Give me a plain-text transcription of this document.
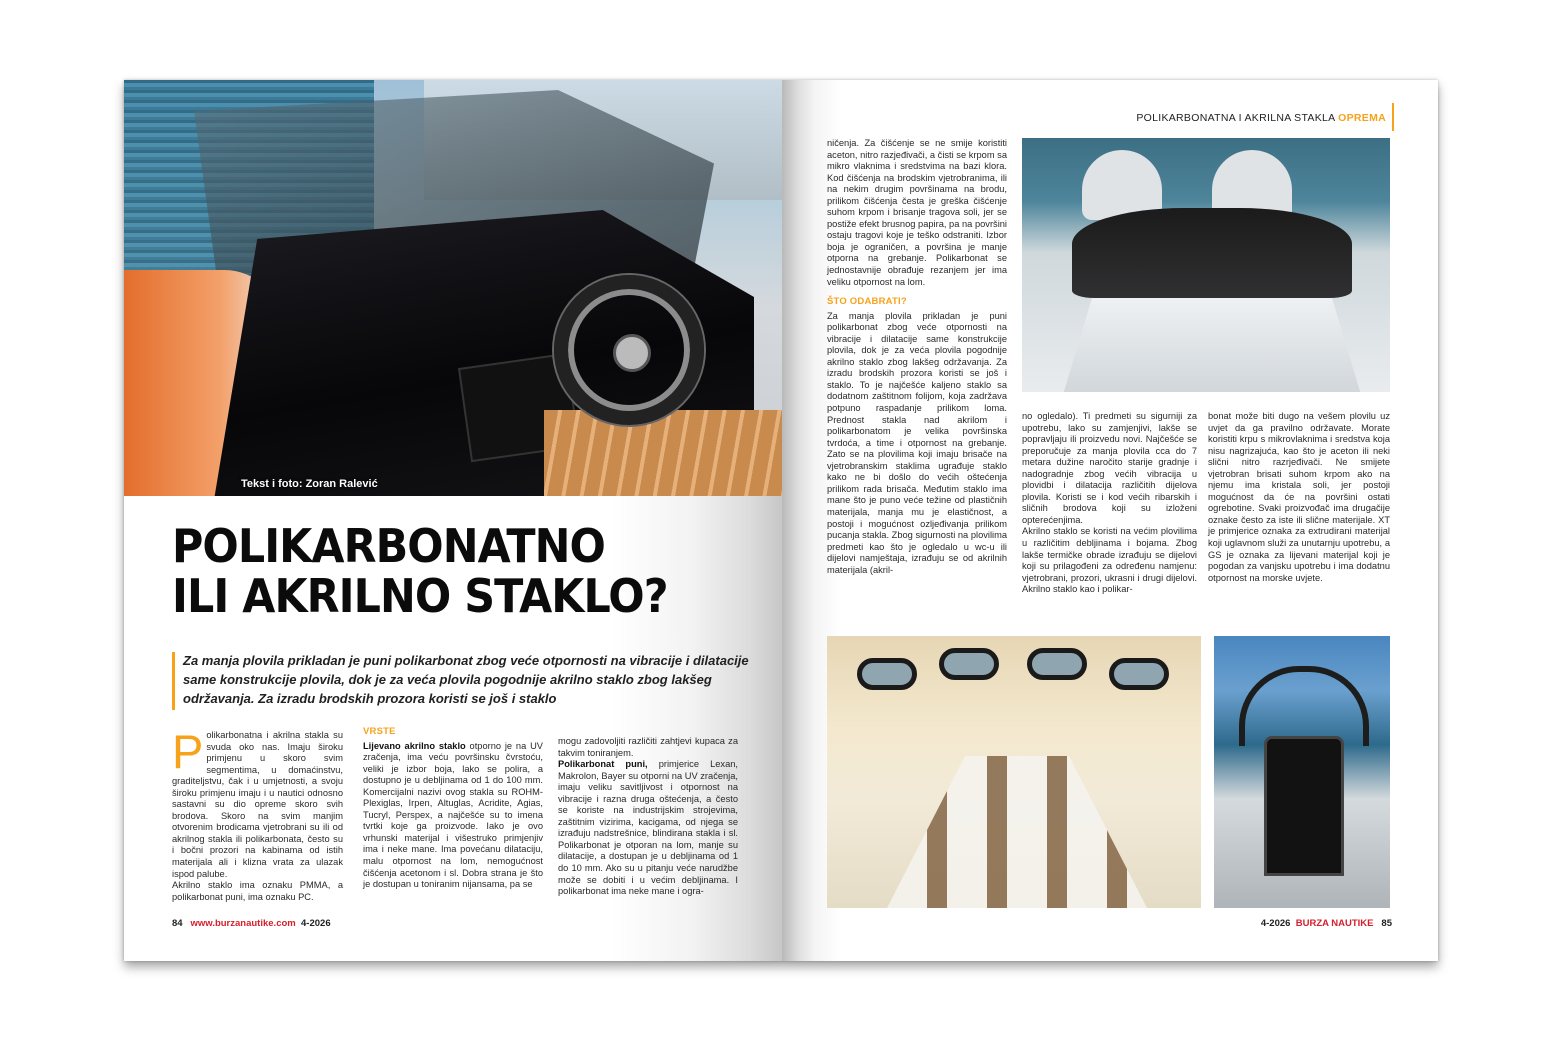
Tekst i foto: Zoran Ralević
POLIKARBONATNO
ILI AKRILNO STAKLO?
Za manja plovila prikladan je puni polikarbonat zbog veće otpornosti na vibracije i dilatacije same konstrukcije plovila, dok je za veća plovila pogodnije akrilno staklo zbog lakšeg održavanja. Za izradu brodskih prozora koristi se još i staklo
P olikarbonatna i akrilna stakla su svuda oko nas. Imaju široku primjenu u skoro svim segmentima, u domaćinstvu, graditeljstvu, čak i u umjetnosti, a svoju široku primjenu imaju i u nautici odnosno sastavni su dio opreme skoro svih brodova. Skoro na svim manjim otvorenim brodicama vjetrobrani su ili od akrilnog stakla ili polikarbonata, često su i bočni prozori na kabinama od istih materijala ali i klizna vrata za ulazak ispod palube.

Akrilno staklo ima oznaku PMMA, a polikarbonat puni, ima oznaku PC.

VRSTE

Lijevano akrilno staklo otporno je na UV zračenja, ima veću površinsku čvrstoću, veliki je izbor boja, lako se polira, a dostupno je u debljinama od 1 do 100 mm. Komercijalni nazivi ovog stakla su ROHM-Plexiglas, Irpen, Altuglas, Acridite, Agias, Tucryl, Perspex, a najčešće su to imena tvrtki koje ga proizvode. Iako je ovo vrhunski materijal i višestruko primjenjiv ima i neke mane. Ima povećanu dilataciju, malu otpornost na lom, nemogućnost čišćenja acetonom i sl. Dobra strana je što je dostupan u toniranim nijansama, pa se

mogu zadovoljiti različiti zahtjevi kupaca za takvim toniranjem.

Polikarbonat puni, primjerice Lexan, Makrolon, Bayer su otporni na UV zračenja, imaju veliku savitljivost i otpornost na vibracije i razna druga oštećenja, a često se koriste na industrijskim strojevima, zaštitnim vizirima, kacigama, od njega se izrađuju nadstrešnice, blindirana stakla i sl. Polikarbonat je otporan na lom, manje su dilatacije, a dostupan je u debljinama od 1 do 10 mm. Ako su u pitanju veće narudžbe može se dobiti i u većim debljinama. I polikarbonat ima neke mane i ogra-

84 www.burzanautike.com 4-2026
POLIKARBONATNA I AKRILNA STAKLA OPREMA

ničenja. Za čišćenje se ne smije koristiti aceton, nitro razjeđivači, a čisti se krpom sa mikro vlaknima i sredstvima na bazi klora. Kod čišćenja na brodskim vjetrobranima, ili na nekim drugim površinama na brodu, prilikom čišćenja česta je greška čišćenje suhom krpom i brisanje tragova soli, jer se postiže efekt brusnog papira, pa na površini ostaju tragovi koje je teško odstraniti. Izbor boja je ograničen, a površina je manje otporna na grebanje. Polikarbonat se jednostavnije obrađuje rezanjem jer ima veliku otpornost na lom.

ŠTO ODABRATI?

Za manja plovila prikladan je puni polikarbonat zbog veće otpornosti na vibracije i dilatacije same konstrukcije plovila, dok je za veća plovila pogodnije akrilno staklo zbog lakšeg održavanja. Za izradu brodskih prozora koristi se još i staklo. To je najčešće kaljeno staklo sa dodatnom zaštitnom folijom, koja zadržava potpuno raspadanje prilikom loma. Prednost stakla nad akrilom i polikarbonatom je velika površinska tvrdoća, a time i otpornost na grebanje. Zato se na plovilima koji imaju brisače na vjetrobranskim staklima ugrađuje staklo kako ne bi došlo do većih oštećenja prilikom rada brisača. Međutim staklo ima mane što je puno veće težine od plastičnih materijala, manja mu je elastičnost, a postoji i mogućnost ozljeđivanja prilikom pucanja stakla. Zbog sigurnosti na plovilima predmeti kao što je ogledalo u wc-u ili dijelovi namještaja, izrađuju se od akrilnih materijala (akril-

no ogledalo). Ti predmeti su sigurniji za upotrebu, lako su zamjenjivi, lakše se popravljaju ili proizvedu novi. Najčešće se preporučuje za manja plovila cca do 7 metara dužine naročito starije gradnje i nadogradnje zbog većih vibracija u plovidbi i dilatacija različitih dijelova plovila. Koristi se i kod većih ribarskih i sličnih brodova koji su izloženi opterećenjima.

Akrilno staklo se koristi na većim plovilima u različitim debljinama i bojama. Zbog lakše termičke obrade izrađuju se dijelovi koji su prilagođeni za određenu namjenu: vjetrobrani, prozori, ukrasni i drugi dijelovi. Akrilno staklo kao i polikar-

bonat može biti dugo na vešem plovilu uz uvjet da ga pravilno održavate. Morate koristiti krpu s mikrovlaknima i sredstva koja nisu nagrizajuća, kao što je aceton ili neki slični nitro razrjeđivači. Ne smijete vjetrobran brisati suhom krpom ako na njemu ima kristala soli, jer postoji mogućnost da će na površini ostati ogrebotine. Svaki proizvođač ima drugačije oznake često za iste ili slične materijale. XT je primjerice oznaka za extrudirani materijal koji uglavnom služi za unutarnju upotrebu, a GS je oznaka za lijevani materijal koji je pogodan za vanjsku upotrebu i ima dodatnu otpornost na morske uvjete.

4-2026 BURZA NAUTIKE 85
